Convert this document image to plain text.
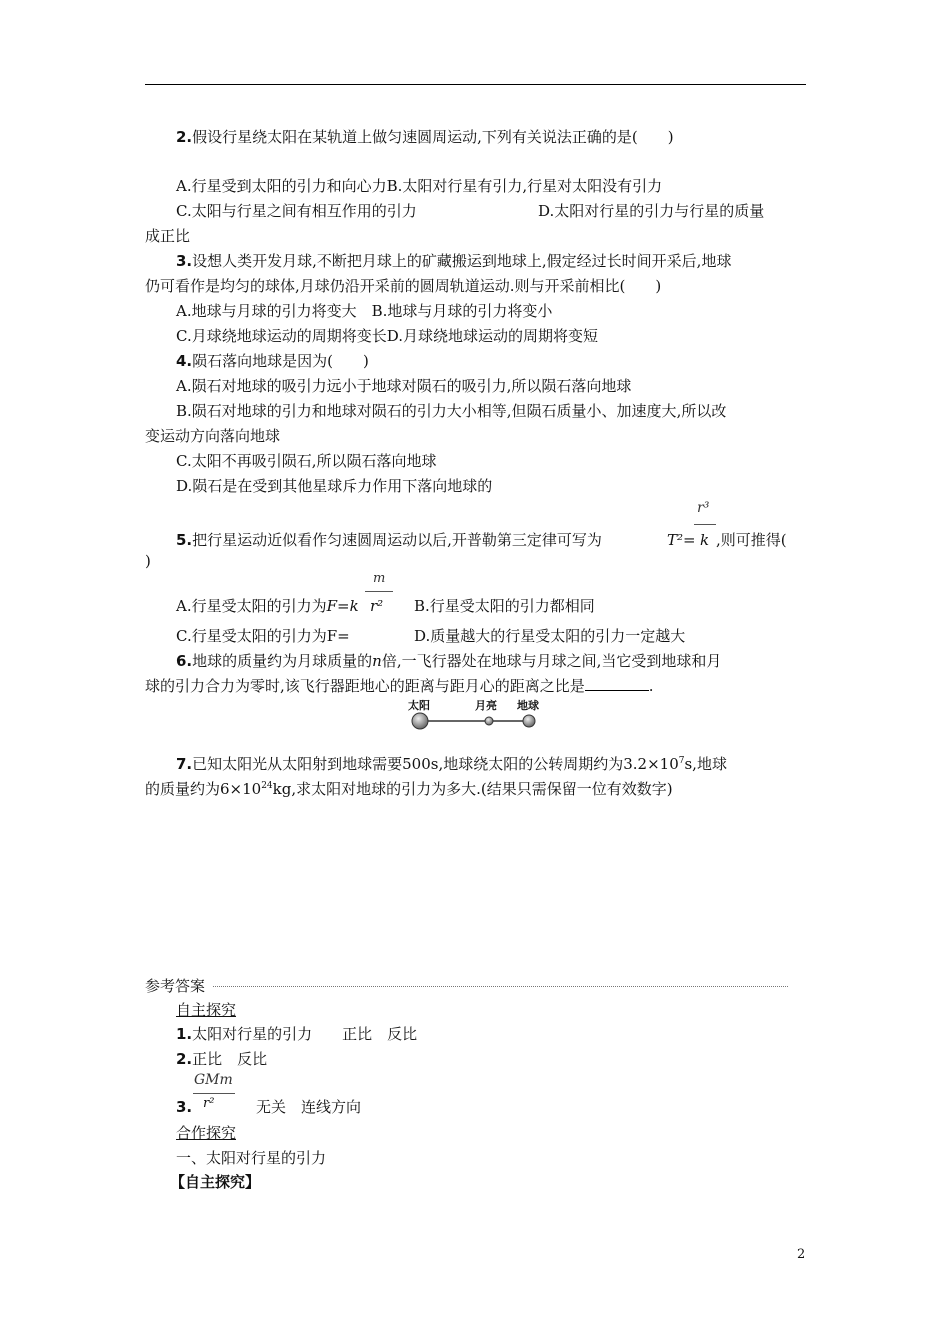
2.假设行星绕太阳在某轨道上做匀速圆周运动,下列有关说法正确的是(　　)
A.行星受到太阳的引力和向心力B.太阳对行星有引力,行星对太阳没有引力
C.太阳与行星之间有相互作用的引力	D.太阳对行星的引力与行星的质量
成正比
3.设想人类开发月球,不断把月球上的矿藏搬运到地球上,假定经过长时间开采后,地球
仍可看作是均匀的球体,月球仍沿开采前的圆周轨道运动.则与开采前相比(　　)
A.地球与月球的引力将变大　B.地球与月球的引力将变小
C.月球绕地球运动的周期将变长D.月球绕地球运动的周期将变短
4.陨石落向地球是因为(　　)
A.陨石对地球的吸引力远小于地球对陨石的吸引力,所以陨石落向地球
B.陨石对地球的引力和地球对陨石的引力大小相等,但陨石质量小、加速度大,所以改
变运动方向落向地球
C.太阳不再吸引陨石,所以陨石落向地球
D.陨石是在受到其他星球斥力作用下落向地球的
5.把行星运动近似看作匀速圆周运动以后,开普勒第三定律可写为	T²=
r³
k ,则可推得(
)
A.行星受太阳的引力为F=k
m
r² B.行星受太阳的引力都相同
C.行星受太阳的引力为F=	D.质量越大的行星受太阳的引力一定越大
6.地球的质量约为月球质量的n倍,一飞行器处在地球与月球之间,当它受到地球和月
球的引力合力为零时,该飞行器距地心的距离与距月心的距离之比是	.
太阳	月亮 地球
7.已知太阳光从太阳射到地球需要500s,地球绕太阳的公转周期约为$3.2\times 10^7s$,地球
的质量约为$6\times 10^{24}kg$,求太阳对地球的引力为多大.(结果只需保留一位有效数字)
参考答案
自主探究
1.太阳对行星的引力　　正比　反比
2.正比　反比
GMm
3. r²	无关　连线方向
合作探究
一、太阳对行星的引力
【自主探究】
2
